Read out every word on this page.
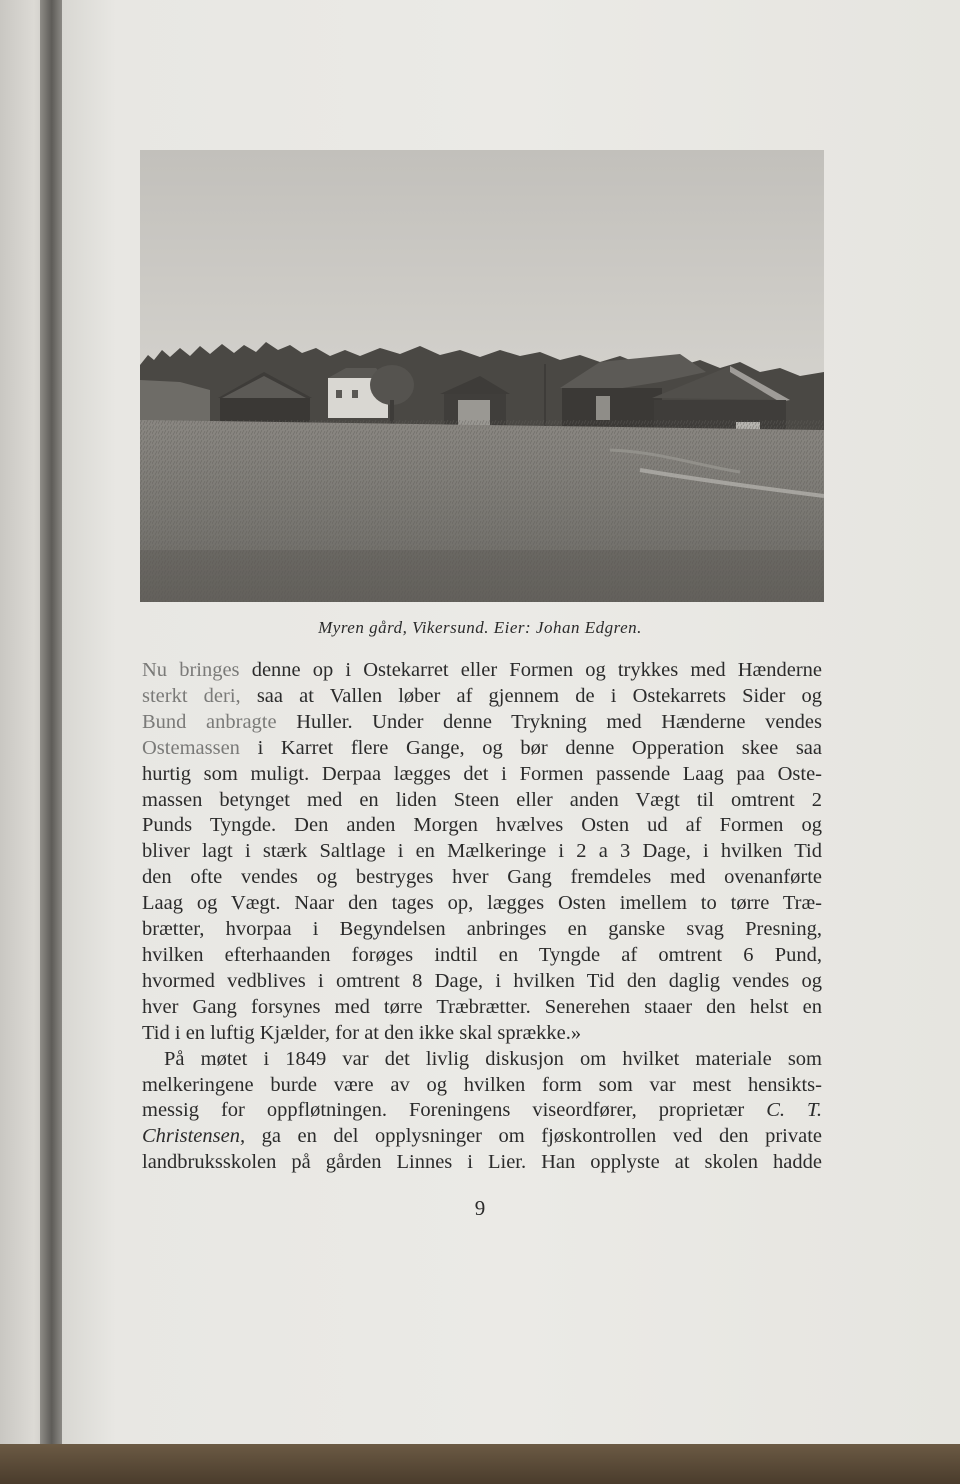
Myren gård, Vikersund. Eier: Johan Edgren.
Nu bringes denne op i Ostekarret eller Formen og trykkes med Hænderne
sterkt deri, saa at Vallen løber af gjennem de i Ostekarrets Sider og
Bund anbragte Huller. Under denne Trykning med Hænderne vendes
Ostemassen i Karret flere Gange, og bør denne Opperation skee saa
hurtig som muligt. Derpaa lægges det i Formen passende Laag paa Oste-
massen betynget med en liden Steen eller anden Vægt til omtrent 2
Punds Tyngde. Den anden Morgen hvælves Osten ud af Formen og
bliver lagt i stærk Saltlage i en Mælkeringe i 2 a 3 Dage, i hvilken Tid
den ofte vendes og bestryges hver Gang fremdeles med ovenanførte
Laag og Vægt. Naar den tages op, lægges Osten imellem to tørre Træ-
brætter, hvorpaa i Begyndelsen anbringes en ganske svag Presning,
hvilken efterhaanden forøges indtil en Tyngde af omtrent 6 Pund,
hvormed vedblives i omtrent 8 Dage, i hvilken Tid den daglig vendes og
hver Gang forsynes med tørre Træbrætter. Senerehen staaer den helst en
Tid i en luftig Kjælder, for at den ikke skal sprække.»
På møtet i 1849 var det livlig diskusjon om hvilket materiale som
melkeringene burde være av og hvilken form som var mest hensikts-
messig for oppfløtningen. Foreningens viseordfører, proprietær C. T.
Christensen, ga en del opplysninger om fjøskontrollen ved den private
landbruksskolen på gården Linnes i Lier. Han opplyste at skolen hadde
9
